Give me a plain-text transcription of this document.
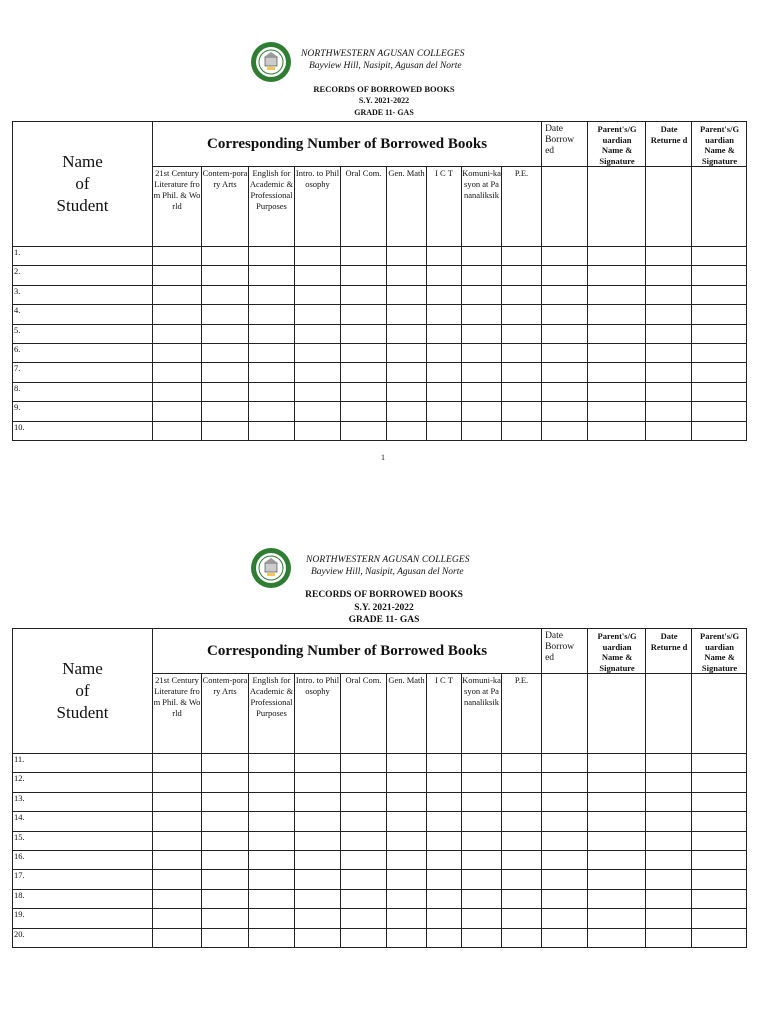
NORTHWESTERN AGUSAN COLLEGES
Bayview Hill, Nasipit, Agusan del Norte
RECORDS OF BORROWED BOOKS
S.Y. 2021-2022
GRADE 11- GAS
Name
of
Student	Corresponding Number of Borrowed Books									Date Borrow ed	Parent's/G uardian Name & Signature	Date Returne d	Parent's/G uardian Name & Signature
	21st Century Literature from Phil. & World	Contem-porary Arts	English for Academic & Professional Purposes	Intro. to Philosophy	Oral Com.	Gen. Math	I C T	Komuni-kasyon at Pananaliksik	P.E.				
1.													
2.													
3.													
4.													
5.													
6.													
7.													
8.													
9.													
10.													
1
NORTHWESTERN AGUSAN COLLEGES
Bayview Hill, Nasipit, Agusan del Norte
RECORDS OF BORROWED BOOKS
S.Y. 2021-2022
GRADE 11- GAS
Name
of
Student	Corresponding Number of Borrowed Books									Date Borrow ed	Parent's/G uardian Name & Signature	Date Returne d	Parent's/G uardian Name & Signature
	21st Century Literature from Phil. & World	Contem-porary Arts	English for Academic & Professional Purposes	Intro. to Philosophy	Oral Com.	Gen. Math	I C T	Komuni-kasyon at Pananaliksik	P.E.				
11.													
12.													
13.													
14.													
15.													
16.													
17.													
18.													
19.													
20.													
